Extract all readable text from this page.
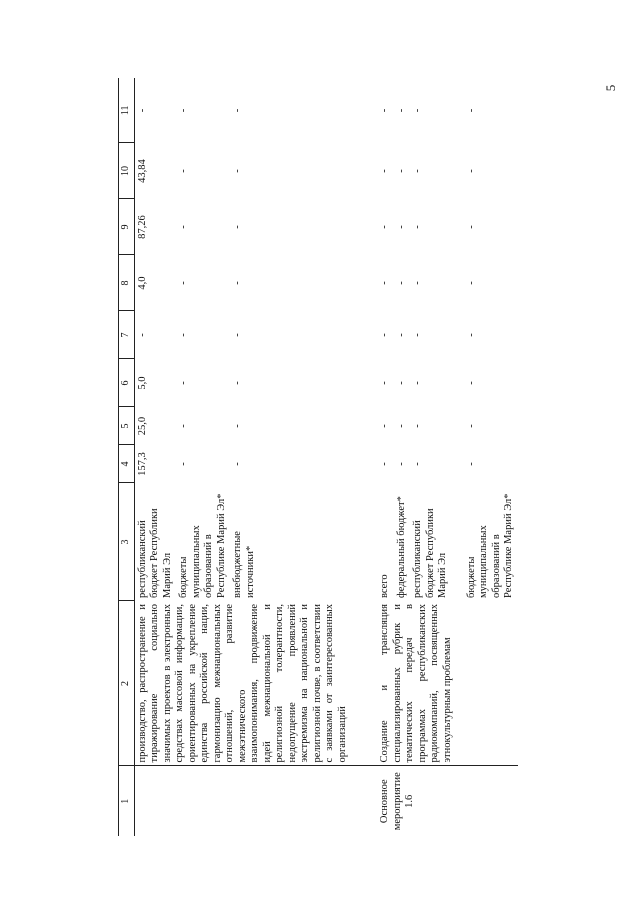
5
1	2	3	4	5	6	7	8	9	10	11
	производство, распространение и тиражирование социально значимых проектов в электронных средствах массовой информации, ориентированных на укрепление единства российской нации, гармонизацию межнациональных отношений, развитие межэтнического взаимопонимания, продвижение идей межнациональной и религиозной толерантности, недопущение проявлений экстремизма на национальной и религиозной почве, в соответствии с заявками от заинтересованных организаций	республиканский бюджет Республики Марий Эл	157,3	25,0	5,0	-	4,0	87,26	43,84	-
		бюджеты муниципальных образований в Республике Марий Эл*	-	-	-	-	-	-	-	-
		внебюджетные источники*	-	-	-	-	-	-	-	-
Основное мероприятие 1.6	Создание и трансляция специализированных рубрик и тематических передач в программах республиканских радиокомпаний, посвященных этнокультурным проблемам	всего	-	-	-	-	-	-	-	-
		федеральный бюджет*	-	-	-	-	-	-	-	-
		республиканский бюджет Республики Марий Эл	-	-	-	-	-	-	-	-
		бюджеты муниципальных образований в Республике Марий Эл*	-	-	-	-	-	-	-	-
